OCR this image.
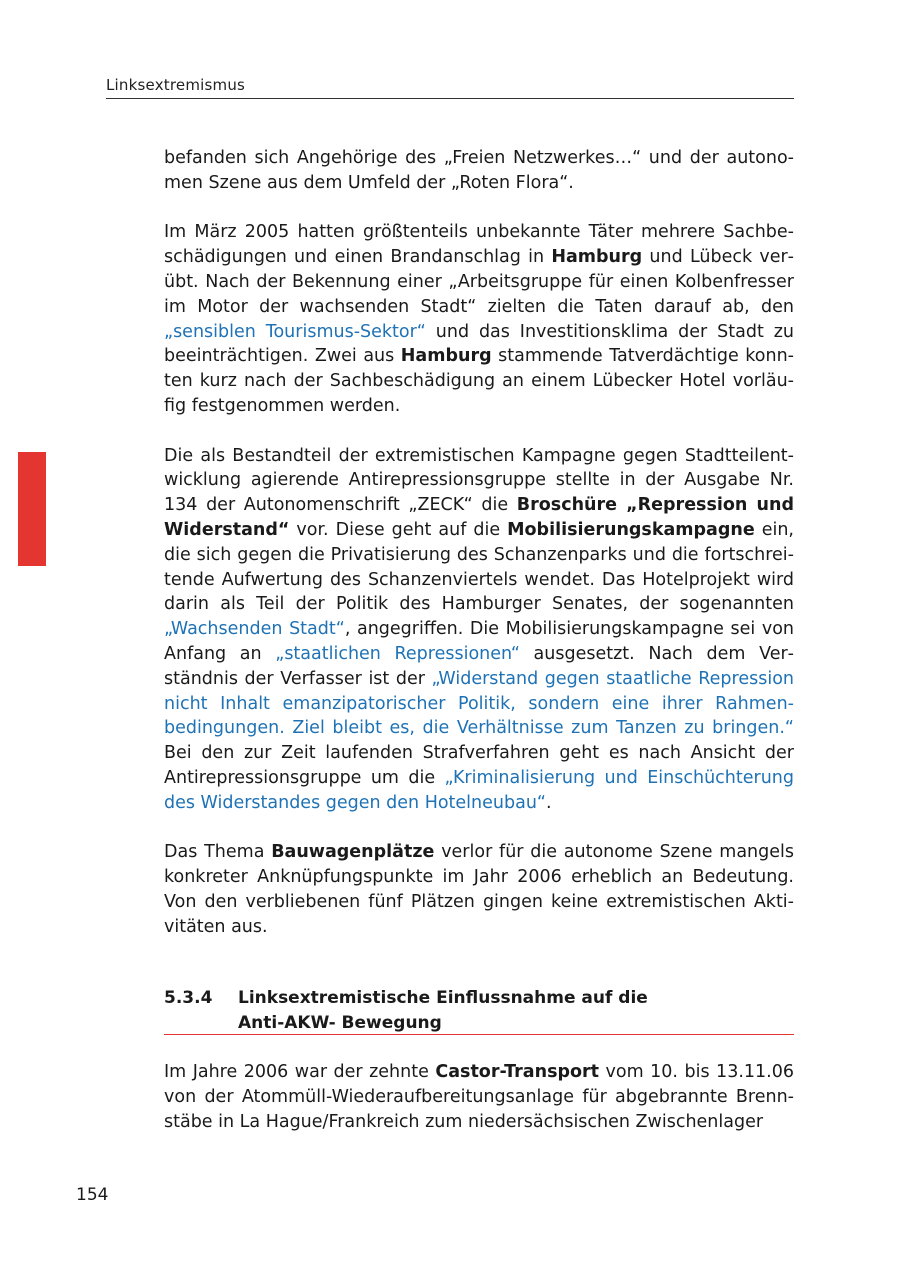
Linksextremismus

befanden sich Angehörige des „Freien Netzwerkes…“ und der autonomen Szene aus dem Umfeld der „Roten Flora“.

Im März 2005 hatten größtenteils unbekannte Täter mehrere Sachbeschädigungen und einen Brandanschlag in Hamburg und Lübeck verübt. Nach der Bekennung einer „Arbeitsgruppe für einen Kolbenfresser im Motor der wachsenden Stadt“ zielten die Taten darauf ab, den „sensiblen Tourismus-Sektor“ und das Investitionsklima der Stadt zu beeinträchtigen. Zwei aus Hamburg stammende Tatverdächtige konnten kurz nach der Sachbeschädigung an einem Lübecker Hotel vorläufig festgenommen werden.

Die als Bestandteil der extremistischen Kampagne gegen Stadtteilentwicklung agierende Antirepressionsgruppe stellte in der Ausgabe Nr. 134 der Autonomenschrift „ZECK“ die Broschüre „Repression und Widerstand“ vor. Diese geht auf die Mobilisierungskampagne ein, die sich gegen die Privatisierung des Schanzenparks und die fortschreitende Aufwertung des Schanzenviertels wendet. Das Hotelprojekt wird darin als Teil der Politik des Hamburger Senates, der sogenannten „Wachsenden Stadt“, angegriffen. Die Mobilisierungskampagne sei von Anfang an „staatlichen Repressionen“ ausgesetzt. Nach dem Verständnis der Verfasser ist der „Widerstand gegen staatliche Repression nicht Inhalt emanzipatorischer Politik, sondern eine ihrer Rahmenbedingungen. Ziel bleibt es, die Verhältnisse zum Tanzen zu bringen.“ Bei den zur Zeit laufenden Strafverfahren geht es nach Ansicht der Antirepressionsgruppe um die „Kriminalisierung und Einschüchterung des Widerstandes gegen den Hotelneubau“.

Das Thema Bauwagenplätze verlor für die autonome Szene mangels konkreter Anknüpfungspunkte im Jahr 2006 erheblich an Bedeutung. Von den verbliebenen fünf Plätzen gingen keine extremistischen Aktivitäten aus.

5.3.4 Linksextremistische Einflussnahme auf die
Anti-AKW- Bewegung

Im Jahre 2006 war der zehnte Castor-Transport vom 10. bis 13.11.06 von der Atommüll-Wiederaufbereitungsanlage für abgebrannte Brennstäbe in La Hague/Frankreich zum niedersächsischen Zwischenlager

154
